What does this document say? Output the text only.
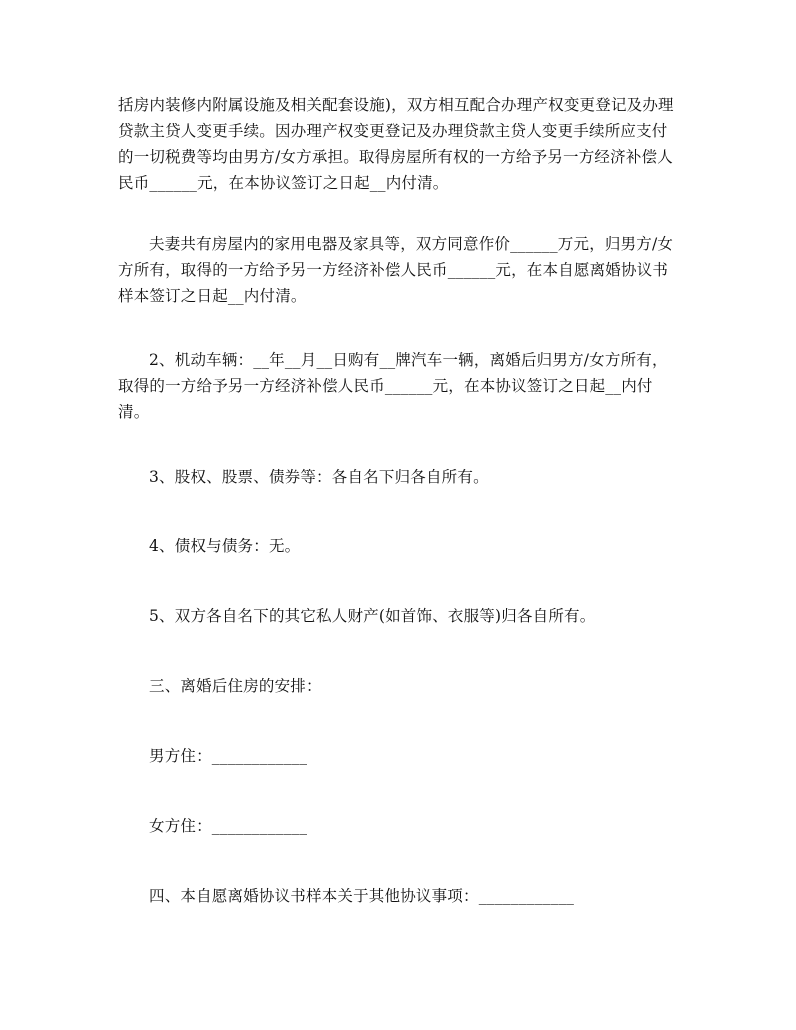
括房内装修内附属设施及相关配套设施)，双方相互配合办理产权变更登记及办理
贷款主贷人变更手续。因办理产权变更登记及办理贷款主贷人变更手续所应支付
的一切税费等均由男方/女方承担。取得房屋所有权的一方给予另一方经济补偿人
民币______元，在本协议签订之日起__内付清。
夫妻共有房屋内的家用电器及家具等，双方同意作价______万元，归男方/女
方所有，取得的一方给予另一方经济补偿人民币______元，在本自愿离婚协议书
样本签订之日起__内付清。
2、机动车辆：__年__月__日购有__牌汽车一辆，离婚后归男方/女方所有，
取得的一方给予另一方经济补偿人民币______元，在本协议签订之日起__内付
清。
3、股权、股票、债券等：各自名下归各自所有。
4、债权与债务：无。
5、双方各自名下的其它私人财产(如首饰、衣服等)归各自所有。
三、离婚后住房的安排：
男方住：____________
女方住：____________
四、本自愿离婚协议书样本关于其他协议事项：____________
